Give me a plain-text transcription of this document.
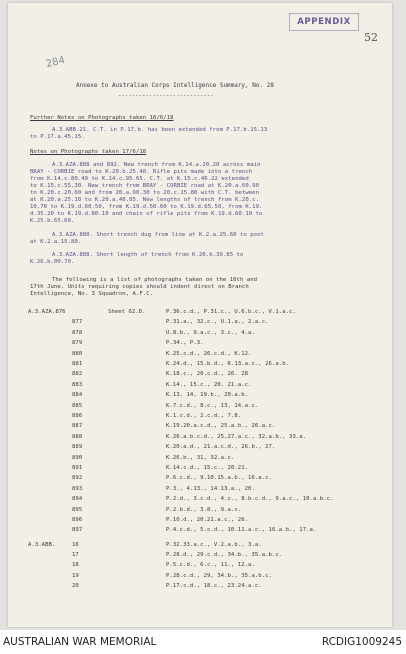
APPENDIX
52
284
Annexe to Australian Corps Intelligence Summary, No. 28
----------------------------
Further Notes on Photographs taken 16/6/18
A.3.ABB.21. C.T. in P.17.b. has been extended from P.17.b.15.13
to P.17.a.45.15.
Notes on Photographs taken 17/6/18
A.3.AZA.888 and 892. New trench from K.14.a.20.20 across main
BRAY - CORBIE road to K.20.b.25.40. Rifle pits made into a trench
from K.14.c.80.40 to K.14.c.95.65. C.T. at K.15.c.46.22 extended
to K.15.c.55.30. New trench from BRAY - CORBIE road at K.20.a.60.90
to K.20.c.20.60 and from 20.a.90.30 to 20.c.15.80 with C.T. between
at K.20.a.25.10 to K.20.a.40.05. New lengths of trench from K.20.c.
10.70 to K.19.d.60.50, from K.19.d.50.60 to K.19.d.65.50, from K.19.
d.35.20 to K.19.d.80.10 and chain of rifle pits from K.19.d.60.10 to
K.25.b.65.60.
A.3.AZA.880. Short trench dug from line at K.2.a.25.60 to post
at K.2.a.15.80.
A.3.AZA.888. Short length of trench from K.26.b.30.85 to
K.26.b.00.70.
The following is a list of photographs taken on the 16th and
17th June. Units requiring copies should indent direct on Branch
Intelligence, No. 3 Squadron, A.F.C.
A.3.AZA.876	Sheet 62.D.	P.36.c.d., P.31.c., U.6.b.c., V.1.a.c.
877	P.31.a., 32.c., U.1.a., 2.a.c.
878	U.8.b., 9.a.c., 3.c., 4.a.
879	P.34., P.3.
880	K.25.c.d., 26.c.d., K.12.
881	K.24.d., 15.b.d., K.13.a.c., 26.a.b.
882	K.18.c., 20.c.d., 26. 28
883	K.14., 15.c., 20. 21.a.c.
884	K.13, 14, 19.b., 20.a.b.
885	K.7.c.d., 8.c., 13, 14.a.c.
886	K.1.c.d., 2.c.d., 7.8.
887	K.19.20.a.c.d., 25.a.b., 26.a.c.
888	K.26.a.b.c.d., 25,27.a.c., 32.a.b., 33.a.
889	K.20.a.d., 21.a.c.d., 26.b., 27.
890	K.26.b., 31, 32.a.c.
891	K.14.c.d., 15.c., 20.21.
892	P.6.c.d., 9.10.15.a.b., 16.a.c.
893	P.3., 4.13., 14.13.a., 20.
894	P.2.d., 3.c.d., 4.c., 8.b.c.d., 9.a.c., 10.a.b.c.
895	P.2.b.d., 3.8., 9.a.c.
896	P.10.d., 20.21.a.c., 26.
897	P.4.c.d., 5.c.d., 10.11.a.c., 16.a.b., 17.a.
A.3.ABB.	16	P.32.33.a.c., V.2.a.b., 3.a.
17	P.28.d., 29.c.d., 34.b., 35.a.b.c.
18	P.5.c.d., 6.c., 11., 12.a.
19	P.28.c.d., 29, 34.b., 35.a.b.c.
20	P.17.c.d., 18.c., 23.24.a.c.
AUSTRALIAN WAR MEMORIAL	RCDIG1009245
